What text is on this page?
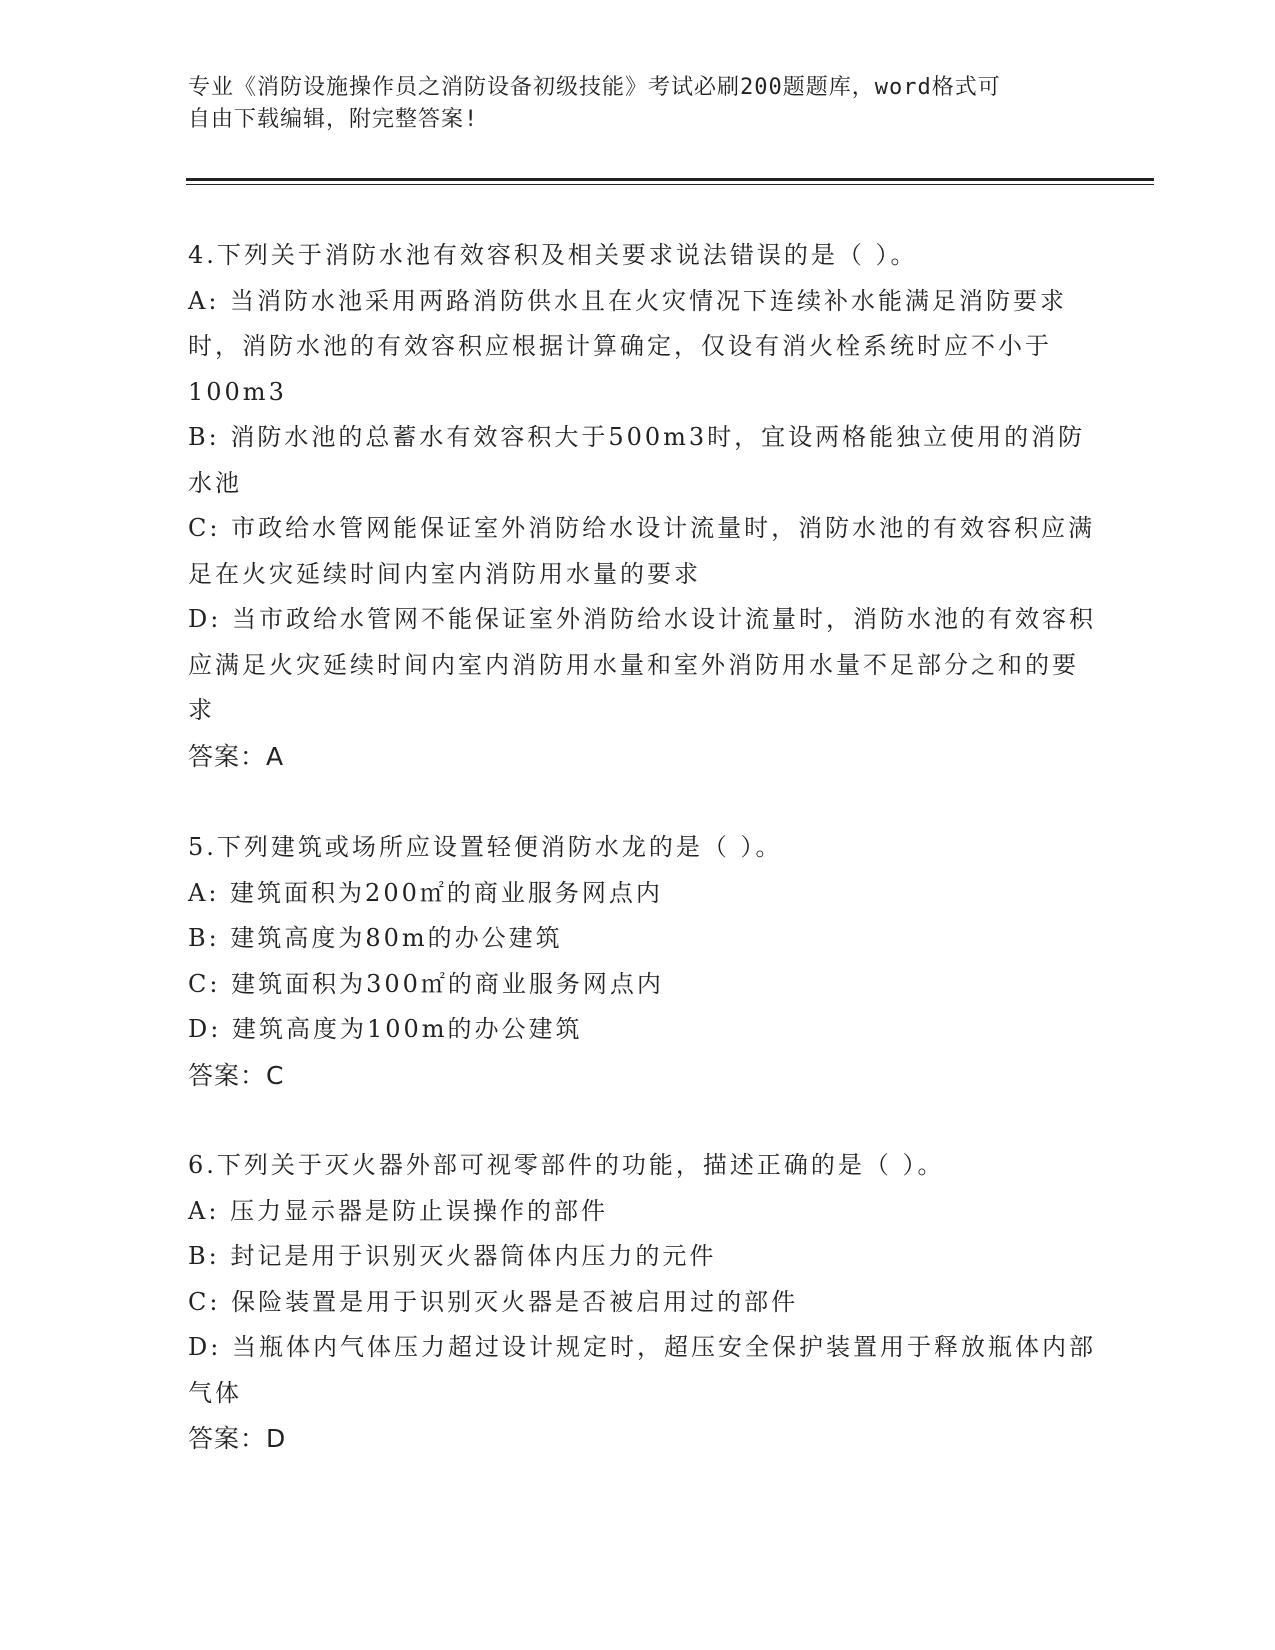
专业《消防设施操作员之消防设备初级技能》考试必刷200题题库，word格式可
自由下载编辑，附完整答案!
4.下列关于消防水池有效容积及相关要求说法错误的是（ ）。
A: 当消防水池采用两路消防供水且在火灾情况下连续补水能满足消防要求时，消防水池的有效容积应根据计算确定，仅设有消火栓系统时应不小于100m3
B: 消防水池的总蓄水有效容积大于500m3时，宜设两格能独立使用的消防水池
C: 市政给水管网能保证室外消防给水设计流量时，消防水池的有效容积应满足在火灾延续时间内室内消防用水量的要求
D: 当市政给水管网不能保证室外消防给水设计流量时，消防水池的有效容积应满足火灾延续时间内室内消防用水量和室外消防用水量不足部分之和的要求
答案：A
5.下列建筑或场所应设置轻便消防水龙的是（ ）。
A: 建筑面积为200㎡的商业服务网点内
B: 建筑高度为80m的办公建筑
C: 建筑面积为300㎡的商业服务网点内
D: 建筑高度为100m的办公建筑
答案：C
6.下列关于灭火器外部可视零部件的功能，描述正确的是（ ）。
A: 压力显示器是防止误操作的部件
B: 封记是用于识别灭火器筒体内压力的元件
C: 保险装置是用于识别灭火器是否被启用过的部件
D: 当瓶体内气体压力超过设计规定时，超压安全保护装置用于释放瓶体内部气体
答案：D
